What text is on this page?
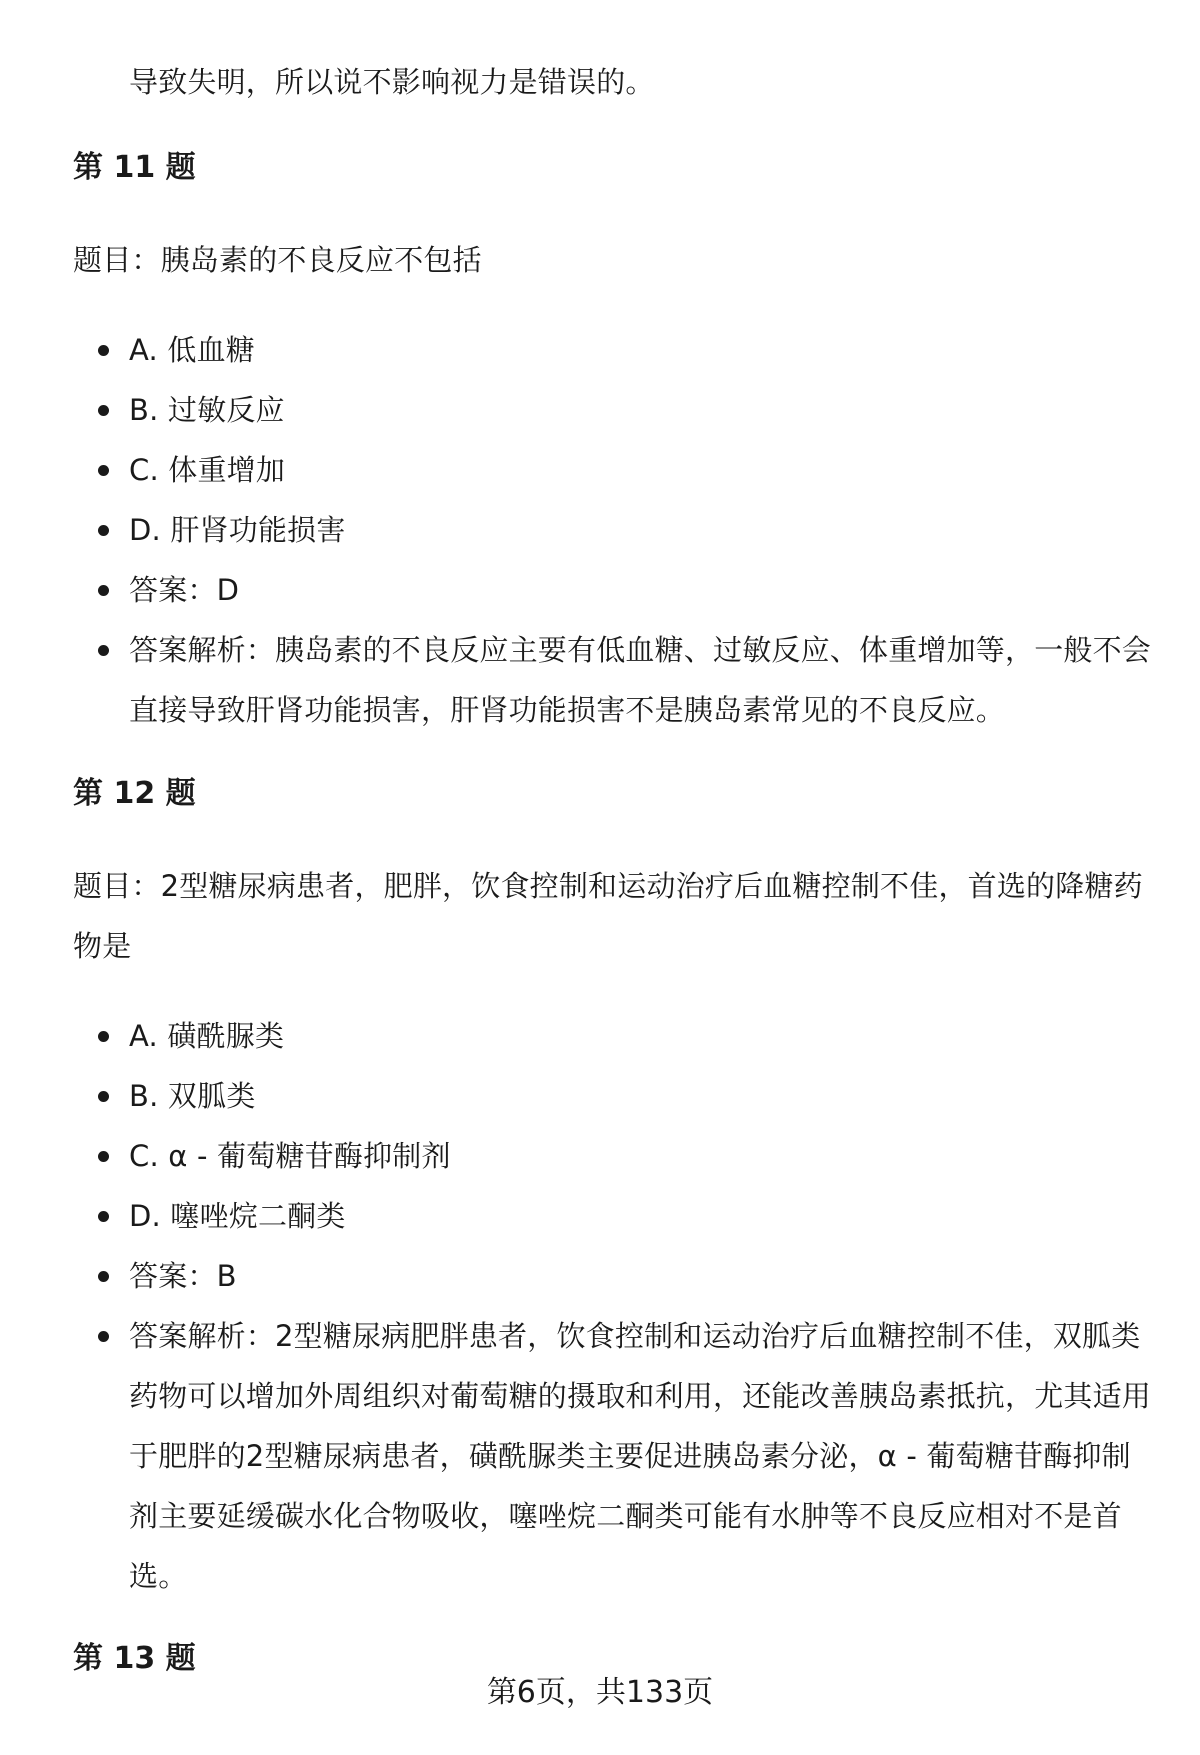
导致失明，所以说不影响视力是错误的。
第 11 题
题目：胰岛素的不良反应不包括
A. 低血糖
B. 过敏反应
C. 体重增加
D. 肝肾功能损害
答案：D
答案解析：胰岛素的不良反应主要有低血糖、过敏反应、体重增加等，一般不会直接导致肝肾功能损害，肝肾功能损害不是胰岛素常见的不良反应。
第 12 题
题目：2型糖尿病患者，肥胖，饮食控制和运动治疗后血糖控制不佳，首选的降糖药物是
A. 磺酰脲类
B. 双胍类
C. α - 葡萄糖苷酶抑制剂
D. 噻唑烷二酮类
答案：B
答案解析：2型糖尿病肥胖患者，饮食控制和运动治疗后血糖控制不佳，双胍类药物可以增加外周组织对葡萄糖的摄取和利用，还能改善胰岛素抵抗，尤其适用于肥胖的2型糖尿病患者，磺酰脲类主要促进胰岛素分泌，α - 葡萄糖苷酶抑制剂主要延缓碳水化合物吸收，噻唑烷二酮类可能有水肿等不良反应相对不是首选。
第 13 题
第6页，共133页
